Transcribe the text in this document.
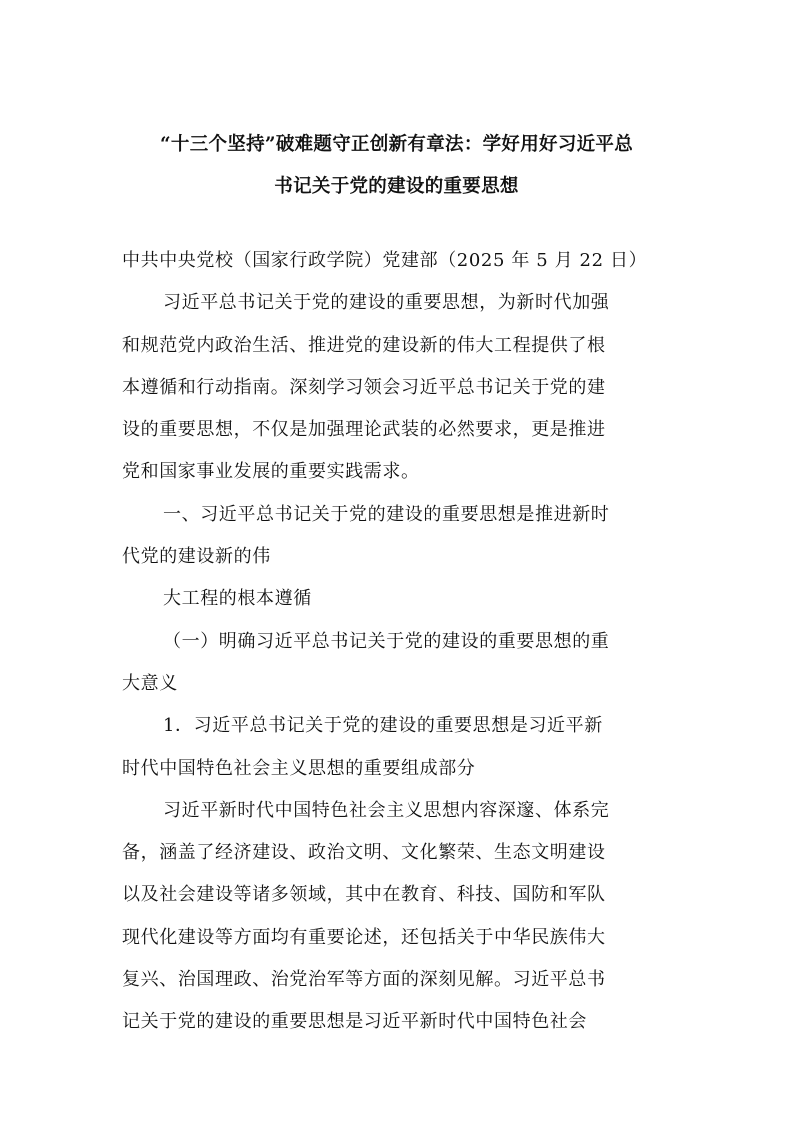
“十三个坚持”破难题守正创新有章法：学好用好习近平总
书记关于党的建设的重要思想
中共中央党校（国家行政学院）党建部（2025 年 5 月 22 日）
习近平总书记关于党的建设的重要思想，为新时代加强
和规范党内政治生活、推进党的建设新的伟大工程提供了根
本遵循和行动指南。深刻学习领会习近平总书记关于党的建
设的重要思想，不仅是加强理论武装的必然要求，更是推进
党和国家事业发展的重要实践需求。
一、习近平总书记关于党的建设的重要思想是推进新时
代党的建设新的伟
大工程的根本遵循
（一）明确习近平总书记关于党的建设的重要思想的重
大意义
1．习近平总书记关于党的建设的重要思想是习近平新
时代中国特色社会主义思想的重要组成部分
习近平新时代中国特色社会主义思想内容深邃、体系完
备，涵盖了经济建设、政治文明、文化繁荣、生态文明建设
以及社会建设等诸多领域，其中在教育、科技、国防和军队
现代化建设等方面均有重要论述，还包括关于中华民族伟大
复兴、治国理政、治党治军等方面的深刻见解。习近平总书
记关于党的建设的重要思想是习近平新时代中国特色社会
